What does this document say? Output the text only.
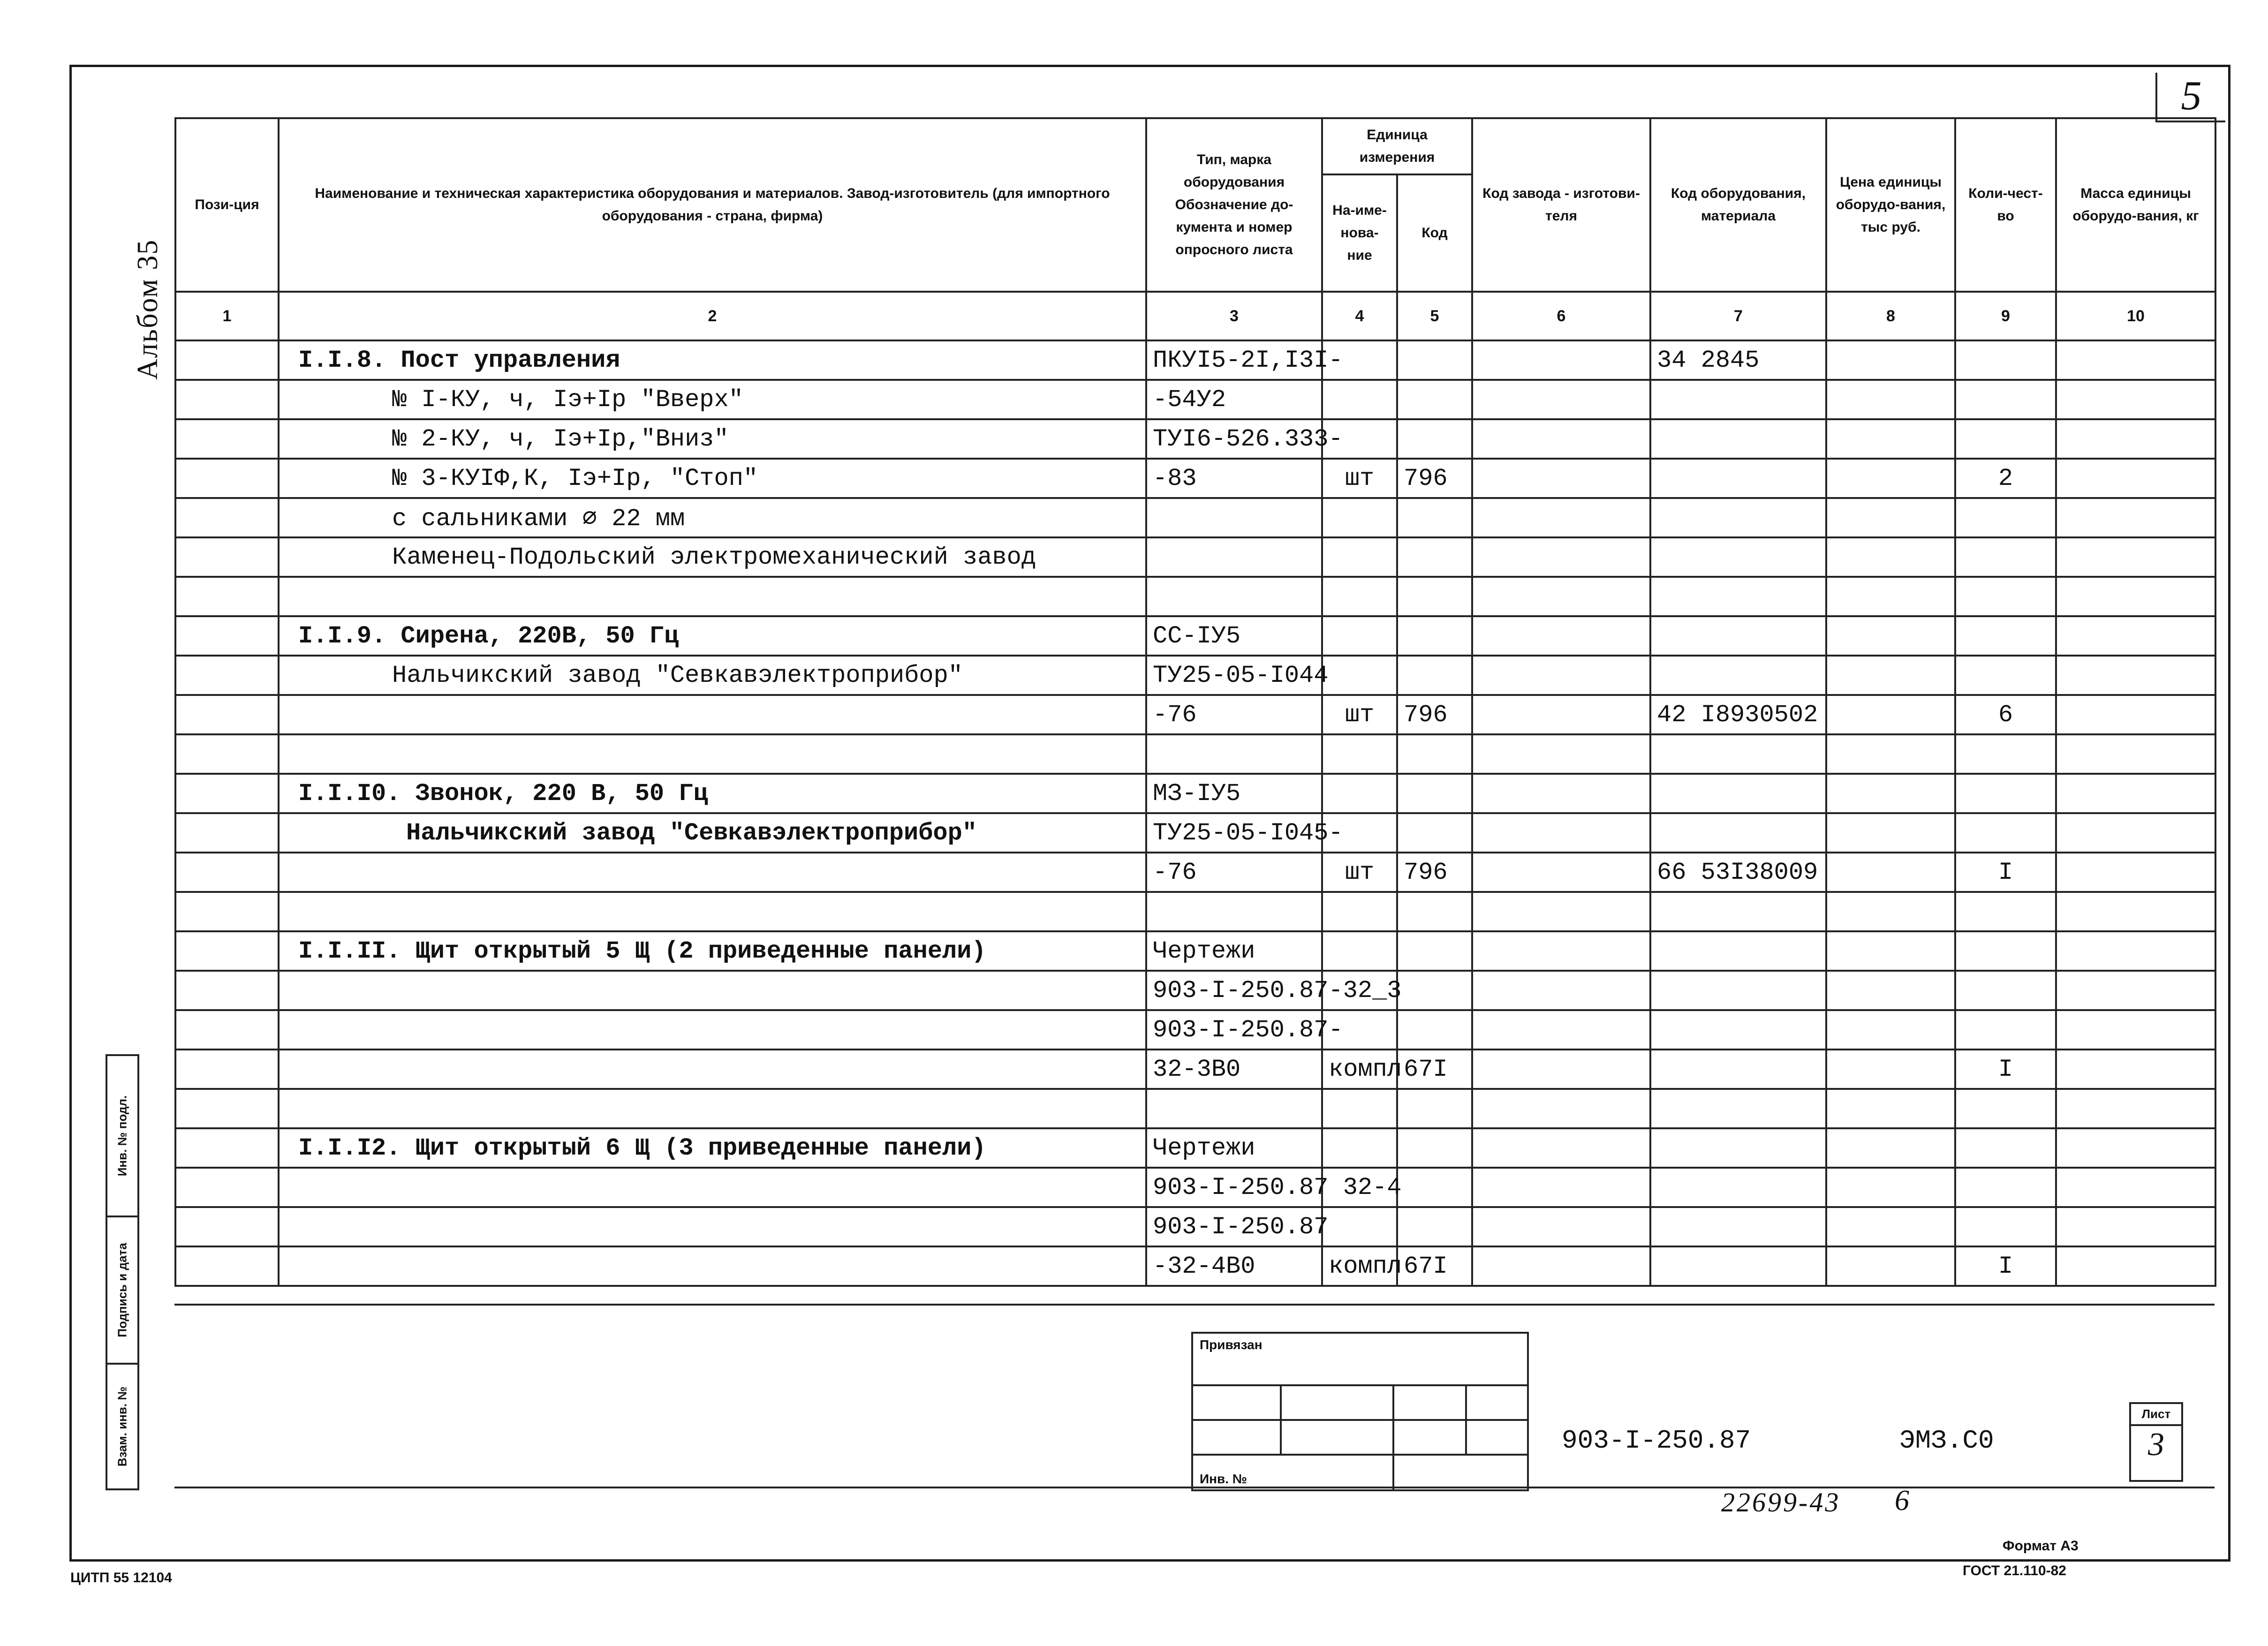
5
Альбом 35
Пози-ция	Наименование и техническая характеристика оборудования и материалов. Завод-изготовитель (для импортного оборудования - страна, фирма)	Тип, марка оборудования Обозначение до-кумента и номер опросного листа	Единица измерения		Код завода - изготови-теля	Код оборудования, материала	Цена единицы оборудо-вания, тыс руб.	Коли-чест-во	Масса единицы оборудо-вания, кг
			На-име-нова-ние	Код					
1	2	3	4	5	6	7	8	9	10
	I.I.8. Пост управления	ПКУI5-2I,I3I-				34 2845			
	№ I-КУ, ч, Iэ+Iр "Вверх"	-54У2							
	№ 2-КУ, ч, Iэ+Iр,"Вниз"	ТУI6-526.333-							
	№ 3-КУIФ,К, Iэ+Iр, "Стоп"	-83	шт	796				2	
	с сальниками ∅ 22 мм								
	Каменец-Подольский электромеханический завод								

	I.I.9. Сирена, 220В, 50 Гц	СС-IУ5							
	Нальчикский завод "Севкавэлектроприбор"	ТУ25-05-I044							
		-76	шт	796		42 I8930502		6	

	I.I.I0. Звонок, 220 В, 50 Гц	МЗ-IУ5							
	Нальчикский завод "Севкавэлектроприбор"	ТУ25-05-I045-							
		-76	шт	796		66 53I38009		I	

	I.I.II. Щит открытый 5 Щ (2 приведенные панели)	Чертежи							
		903-I-250.87-32_3							
		903-I-250.87-							
		32-3В0	компл	67I				I	

	I.I.I2. Щит открытый 6 Щ (3 приведенные панели)	Чертежи							
		903-I-250.87 32-4							
		903-I-250.87							
		-32-4В0	компл	67I				I	
Инв. № подл.
Подпись и дата
Взам. инв. №
Привязан
Инв. №
903-I-250.87	ЭМЗ.С0
Лист
3
22699-43 6
ЦИТП 55 12104
Формат А3
ГОСТ 21.110-82
